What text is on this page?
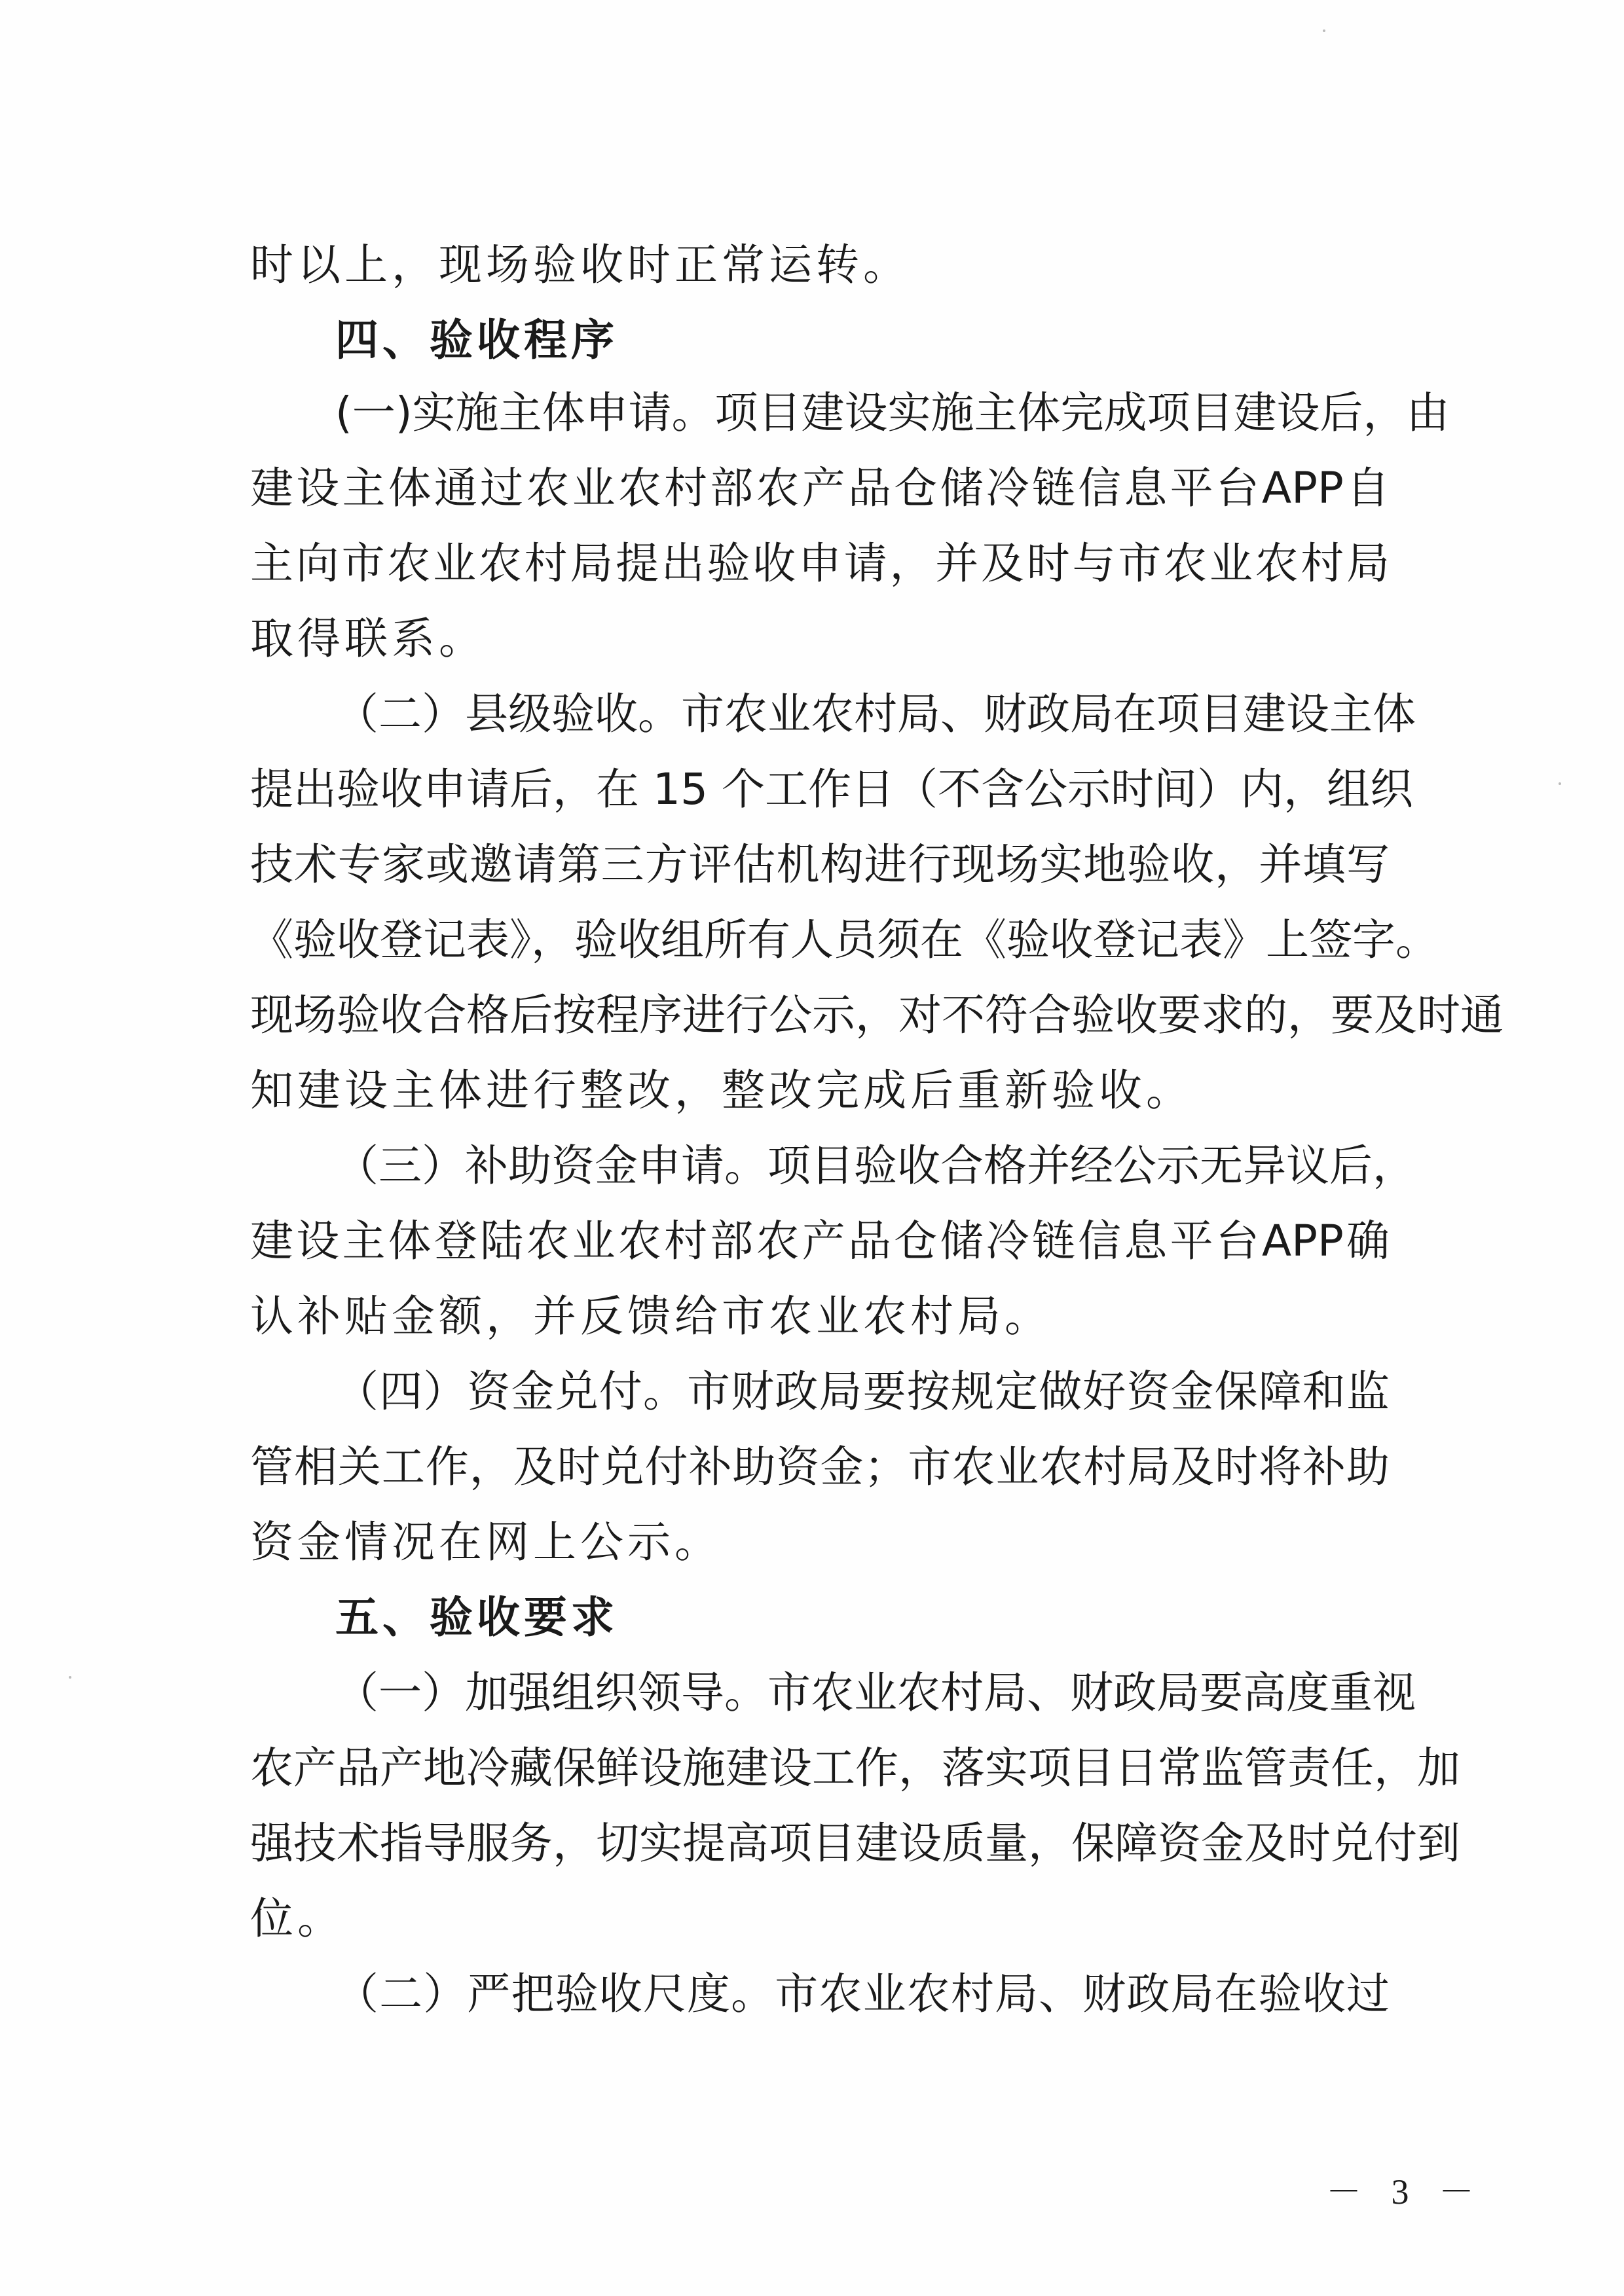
时以上，现场验收时正常运转。
四、验收程序
(一)实施主体申请。项目建设实施主体完成项目建设后，由
建设主体通过农业农村部农产品仓储冷链信息平台APP自
主向市农业农村局提出验收申请，并及时与市农业农村局
取得联系。
（二）县级验收。市农业农村局、财政局在项目建设主体
提出验收申请后，在 15 个工作日（不含公示时间）内，组织
技术专家或邀请第三方评估机构进行现场实地验收，并填写
《验收登记表》，验收组所有人员须在《验收登记表》上签字。
现场验收合格后按程序进行公示，对不符合验收要求的，要及时通
知建设主体进行整改，整改完成后重新验收。
（三）补助资金申请。项目验收合格并经公示无异议后，
建设主体登陆农业农村部农产品仓储冷链信息平台APP确
认补贴金额，并反馈给市农业农村局。
（四）资金兑付。市财政局要按规定做好资金保障和监
管相关工作，及时兑付补助资金；市农业农村局及时将补助
资金情况在网上公示。
五、验收要求
（一）加强组织领导。市农业农村局、财政局要高度重视
农产品产地冷藏保鲜设施建设工作，落实项目日常监管责任，加
强技术指导服务，切实提高项目建设质量，保障资金及时兑付到
位。
（二）严把验收尺度。市农业农村局、财政局在验收过
－ 3 －
